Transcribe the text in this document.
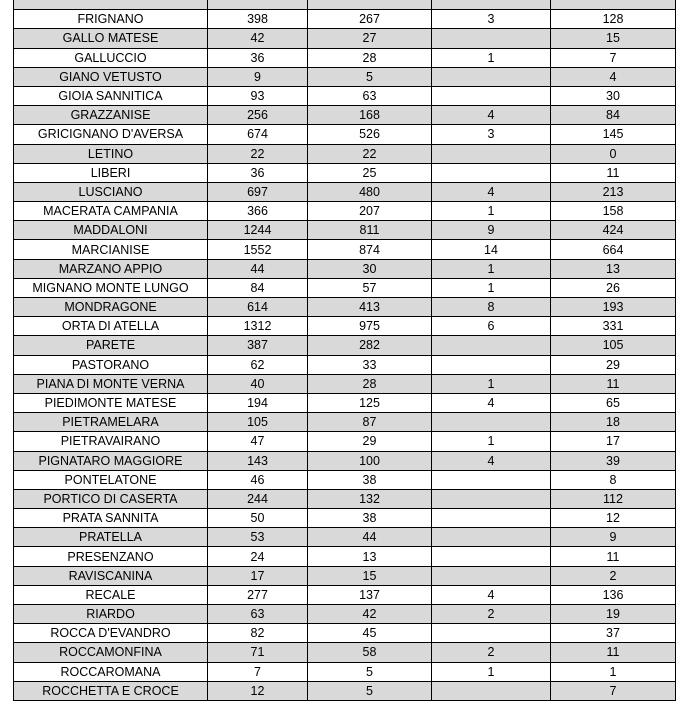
FRIGNANO	398	267	3	128
GALLO MATESE	42	27		15
GALLUCCIO	36	28	1	7
GIANO VETUSTO	9	5		4
GIOIA SANNITICA	93	63		30
GRAZZANISE	256	168	4	84
GRICIGNANO D'AVERSA	674	526	3	145
LETINO	22	22		0
LIBERI	36	25		11
LUSCIANO	697	480	4	213
MACERATA CAMPANIA	366	207	1	158
MADDALONI	1244	811	9	424
MARCIANISE	1552	874	14	664
MARZANO APPIO	44	30	1	13
MIGNANO MONTE LUNGO	84	57	1	26
MONDRAGONE	614	413	8	193
ORTA DI ATELLA	1312	975	6	331
PARETE	387	282		105
PASTORANO	62	33		29
PIANA DI MONTE VERNA	40	28	1	11
PIEDIMONTE MATESE	194	125	4	65
PIETRAMELARA	105	87		18
PIETRAVAIRANO	47	29	1	17
PIGNATARO MAGGIORE	143	100	4	39
PONTELATONE	46	38		8
PORTICO DI CASERTA	244	132		112
PRATA SANNITA	50	38		12
PRATELLA	53	44		9
PRESENZANO	24	13		11
RAVISCANINA	17	15		2
RECALE	277	137	4	136
RIARDO	63	42	2	19
ROCCA D'EVANDRO	82	45		37
ROCCAMONFINA	71	58	2	11
ROCCAROMANA	7	5	1	1
ROCCHETTA E CROCE	12	5		7
